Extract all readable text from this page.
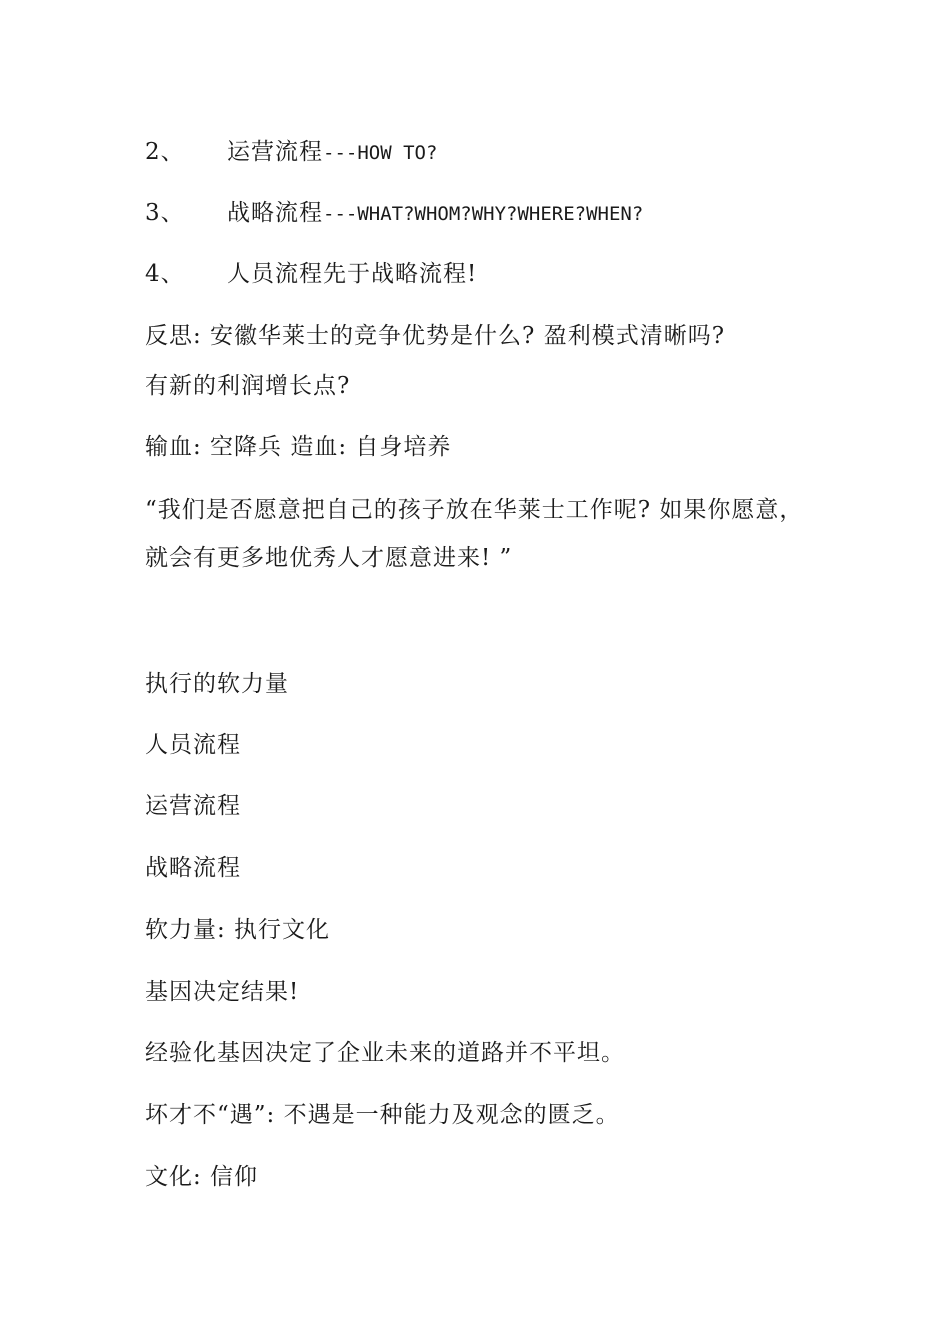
2、 运营流程---HOW TO?
3、 战略流程---WHAT?WHOM?WHY?WHERE?WHEN?
4、 人员流程先于战略流程!
反思: 安徽华莱士的竞争优势是什么? 盈利模式清晰吗?
有新的利润增长点?
输血: 空降兵 造血: 自身培养
“我们是否愿意把自己的孩子放在华莱士工作呢? 如果你愿意，就会有更多地优秀人才愿意进来! ”
执行的软力量
人员流程
运营流程
战略流程
软力量: 执行文化
基因决定结果!
经验化基因决定了企业未来的道路并不平坦。
坏才不“遇”: 不遇是一种能力及观念的匮乏。
文化: 信仰
